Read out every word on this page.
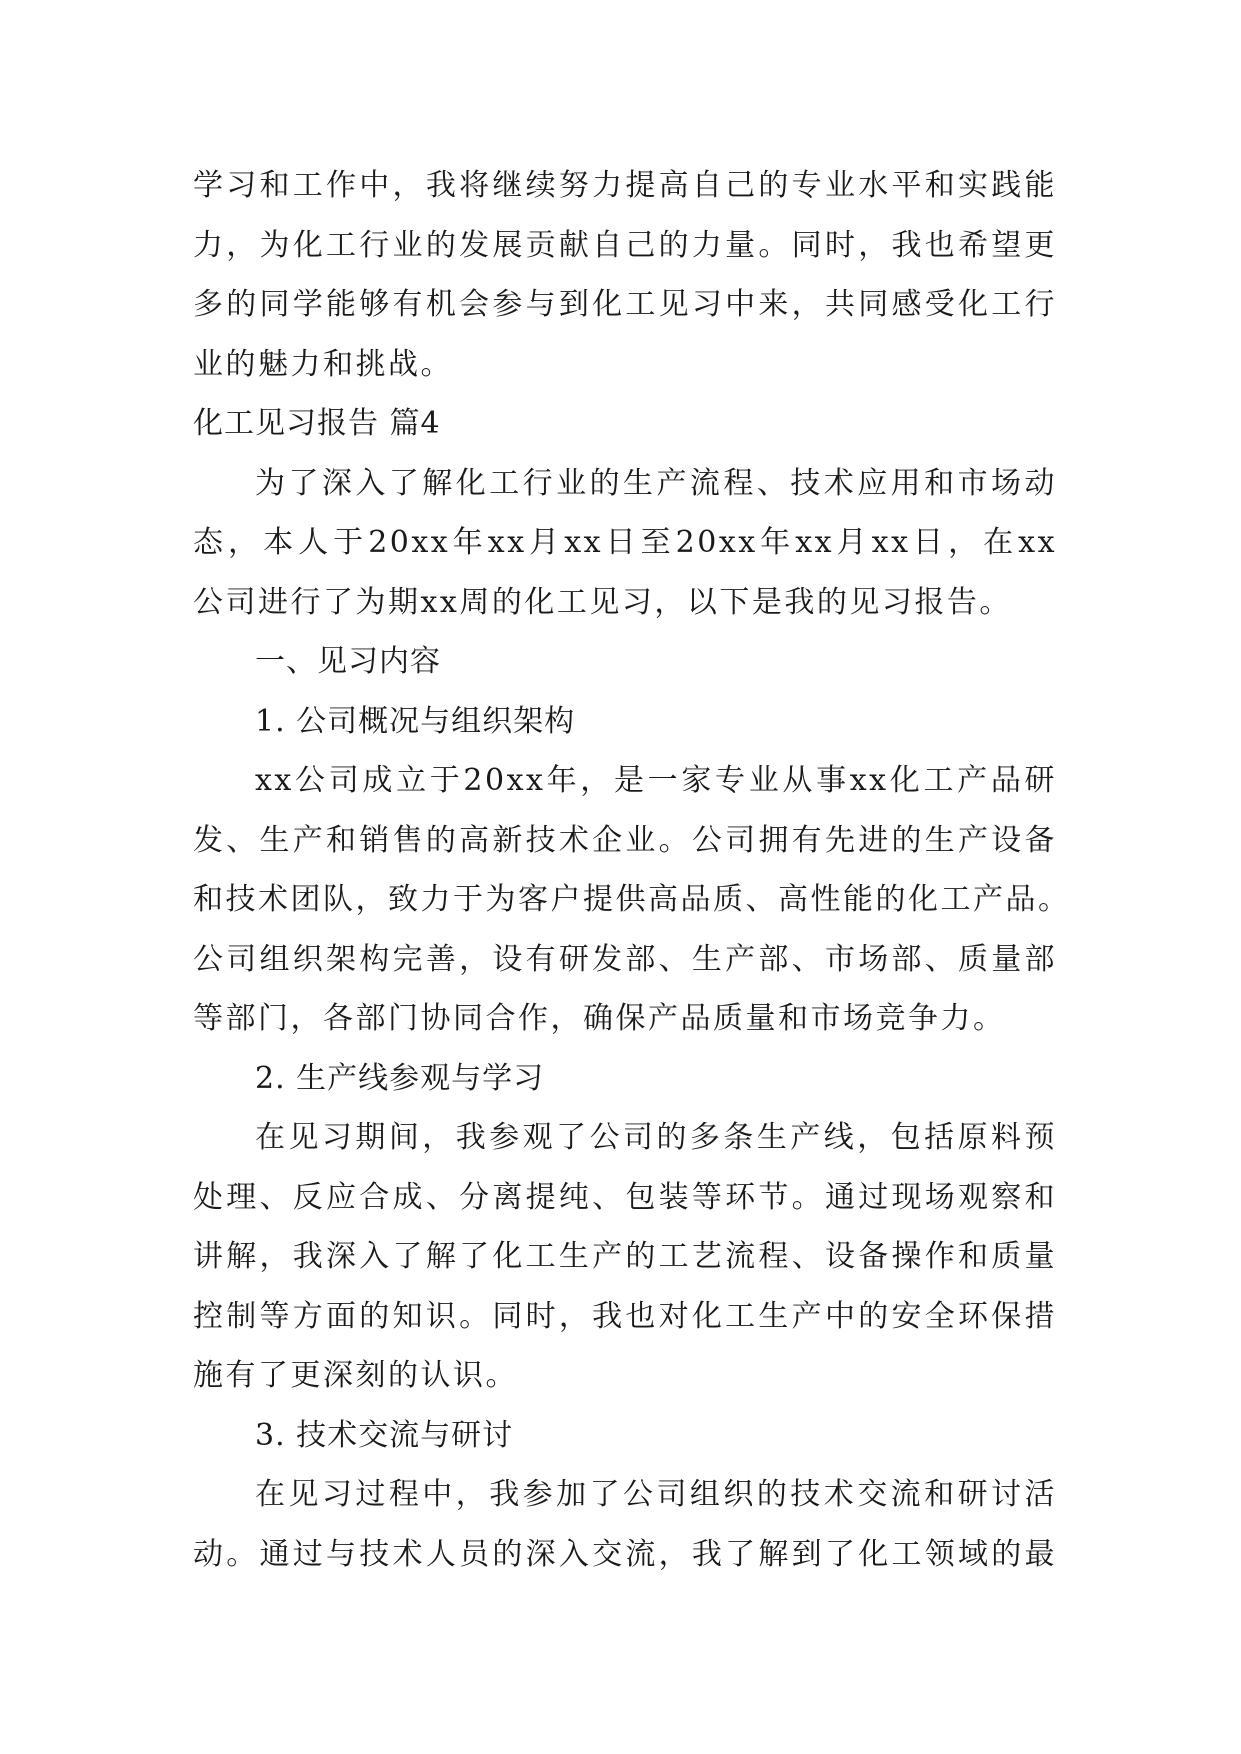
学习和工作中，我将继续努力提高自己的专业水平和实践能
力，为化工行业的发展贡献自己的力量。同时，我也希望更
多的同学能够有机会参与到化工见习中来，共同感受化工行
业的魅力和挑战。
化工见习报告 篇4
为了深入了解化工行业的生产流程、技术应用和市场动
态，本人于20xx年xx月xx日至20xx年xx月xx日，在xx
公司进行了为期xx周的化工见习，以下是我的见习报告。
一、见习内容
1. 公司概况与组织架构
xx公司成立于20xx年，是一家专业从事xx化工产品研
发、生产和销售的高新技术企业。公司拥有先进的生产设备
和技术团队，致力于为客户提供高品质、高性能的化工产品。
公司组织架构完善，设有研发部、生产部、市场部、质量部
等部门，各部门协同合作，确保产品质量和市场竞争力。
2. 生产线参观与学习
在见习期间，我参观了公司的多条生产线，包括原料预
处理、反应合成、分离提纯、包装等环节。通过现场观察和
讲解，我深入了解了化工生产的工艺流程、设备操作和质量
控制等方面的知识。同时，我也对化工生产中的安全环保措
施有了更深刻的认识。
3. 技术交流与研讨
在见习过程中，我参加了公司组织的技术交流和研讨活
动。通过与技术人员的深入交流，我了解到了化工领域的最
